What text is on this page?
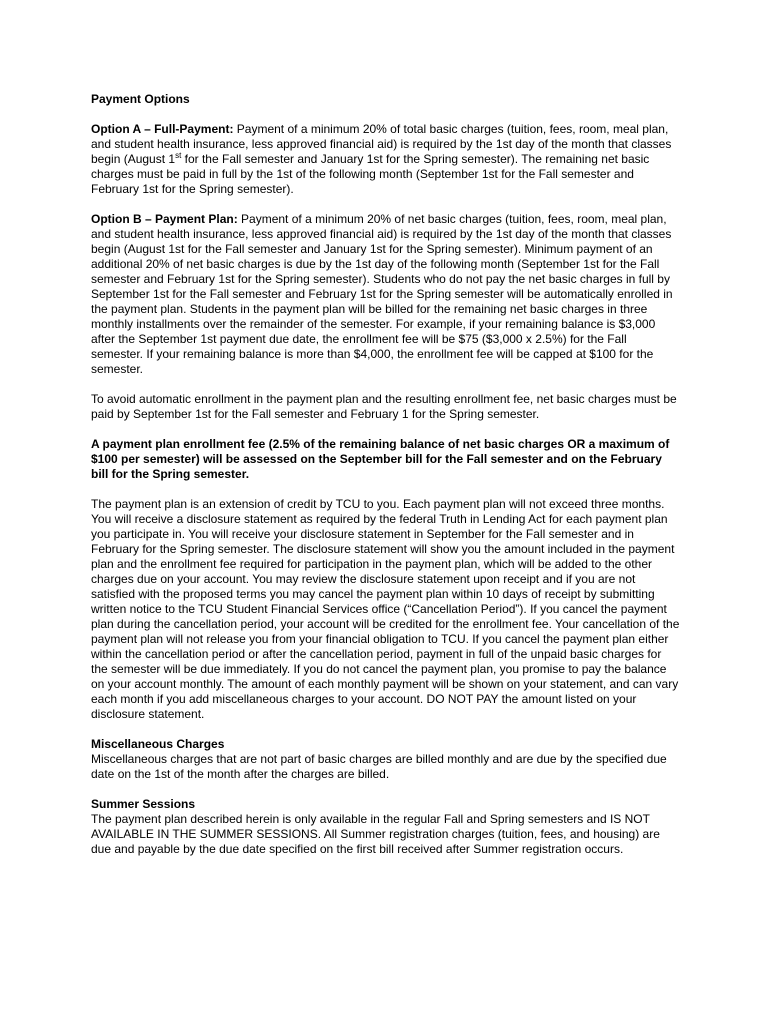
Payment Options
Option A – Full-Payment: Payment of a minimum 20% of total basic charges (tuition, fees, room, meal plan, and student health insurance, less approved financial aid) is required by the 1st day of the month that classes begin (August 1st for the Fall semester and January 1st for the Spring semester). The remaining net basic charges must be paid in full by the 1st of the following month (September 1st for the Fall semester and February 1st for the Spring semester).
Option B – Payment Plan: Payment of a minimum 20% of net basic charges (tuition, fees, room, meal plan, and student health insurance, less approved financial aid) is required by the 1st day of the month that classes begin (August 1st for the Fall semester and January 1st for the Spring semester). Minimum payment of an additional 20% of net basic charges is due by the 1st day of the following month (September 1st for the Fall semester and February 1st for the Spring semester). Students who do not pay the net basic charges in full by September 1st for the Fall semester and February 1st for the Spring semester will be automatically enrolled in the payment plan. Students in the payment plan will be billed for the remaining net basic charges in three monthly installments over the remainder of the semester. For example, if your remaining balance is $3,000 after the September 1st payment due date, the enrollment fee will be $75 ($3,000 x 2.5%) for the Fall semester. If your remaining balance is more than $4,000, the enrollment fee will be capped at $100 for the semester.
To avoid automatic enrollment in the payment plan and the resulting enrollment fee, net basic charges must be paid by September 1st for the Fall semester and February 1 for the Spring semester.
A payment plan enrollment fee (2.5% of the remaining balance of net basic charges OR a maximum of $100 per semester) will be assessed on the September bill for the Fall semester and on the February bill for the Spring semester.
The payment plan is an extension of credit by TCU to you. Each payment plan will not exceed three months. You will receive a disclosure statement as required by the federal Truth in Lending Act for each payment plan you participate in. You will receive your disclosure statement in September for the Fall semester and in February for the Spring semester. The disclosure statement will show you the amount included in the payment plan and the enrollment fee required for participation in the payment plan, which will be added to the other charges due on your account. You may review the disclosure statement upon receipt and if you are not satisfied with the proposed terms you may cancel the payment plan within 10 days of receipt by submitting written notice to the TCU Student Financial Services office (“Cancellation Period”). If you cancel the payment plan during the cancellation period, your account will be credited for the enrollment fee. Your cancellation of the payment plan will not release you from your financial obligation to TCU. If you cancel the payment plan either within the cancellation period or after the cancellation period, payment in full of the unpaid basic charges for the semester will be due immediately. If you do not cancel the payment plan, you promise to pay the balance on your account monthly. The amount of each monthly payment will be shown on your statement, and can vary each month if you add miscellaneous charges to your account. DO NOT PAY the amount listed on your disclosure statement.
Miscellaneous Charges
Miscellaneous charges that are not part of basic charges are billed monthly and are due by the specified due date on the 1st of the month after the charges are billed.
Summer Sessions
The payment plan described herein is only available in the regular Fall and Spring semesters and IS NOT AVAILABLE IN THE SUMMER SESSIONS. All Summer registration charges (tuition, fees, and housing) are due and payable by the due date specified on the first bill received after Summer registration occurs.
